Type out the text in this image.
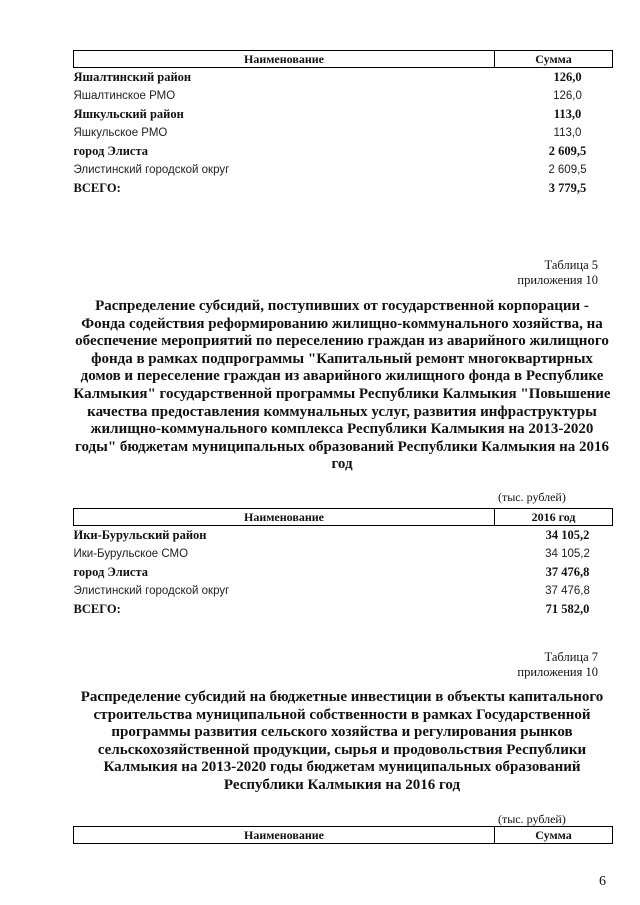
Наименование	Сумма
Яшалтинский район	126,0
Яшалтинское РМО	126,0
Яшкульский район	113,0
Яшкульское РМО	113,0
город Элиста	2 609,5
Элистинский городской округ	2 609,5
ВСЕГО:	3 779,5
Таблица 5
приложения 10
Распределение субсидий, поступивших от государственной корпорации - Фонда содействия реформированию жилищно-коммунального хозяйства, на обеспечение мероприятий по переселению граждан из аварийного жилищного фонда в рамках подпрограммы "Капитальный ремонт многоквартирных домов и переселение граждан из аварийного жилищного фонда в Республике Калмыкия" государственной программы Республики Калмыкия "Повышение качества предоставления коммунальных услуг, развития инфраструктуры жилищно-коммунального комплекса Республики Калмыкия на 2013-2020 годы" бюджетам муниципальных образований Республики Калмыкия на 2016 год
(тыс. рублей)
Наименование	2016 год
Ики-Бурульский район	34 105,2
Ики-Бурульское СМО	34 105,2
город Элиста	37 476,8
Элистинский городской округ	37 476,8
ВСЕГО:	71 582,0
Таблица 7
приложения 10
Распределение субсидий на бюджетные инвестиции в объекты капитального строительства муниципальной собственности в рамках Государственной программы развития сельского хозяйства и регулирования рынков сельскохозяйственной продукции, сырья и продовольствия Республики Калмыкия на 2013-2020 годы бюджетам муниципальных образований Республики Калмыкия на 2016 год
(тыс. рублей)
Наименование	Сумма
6
